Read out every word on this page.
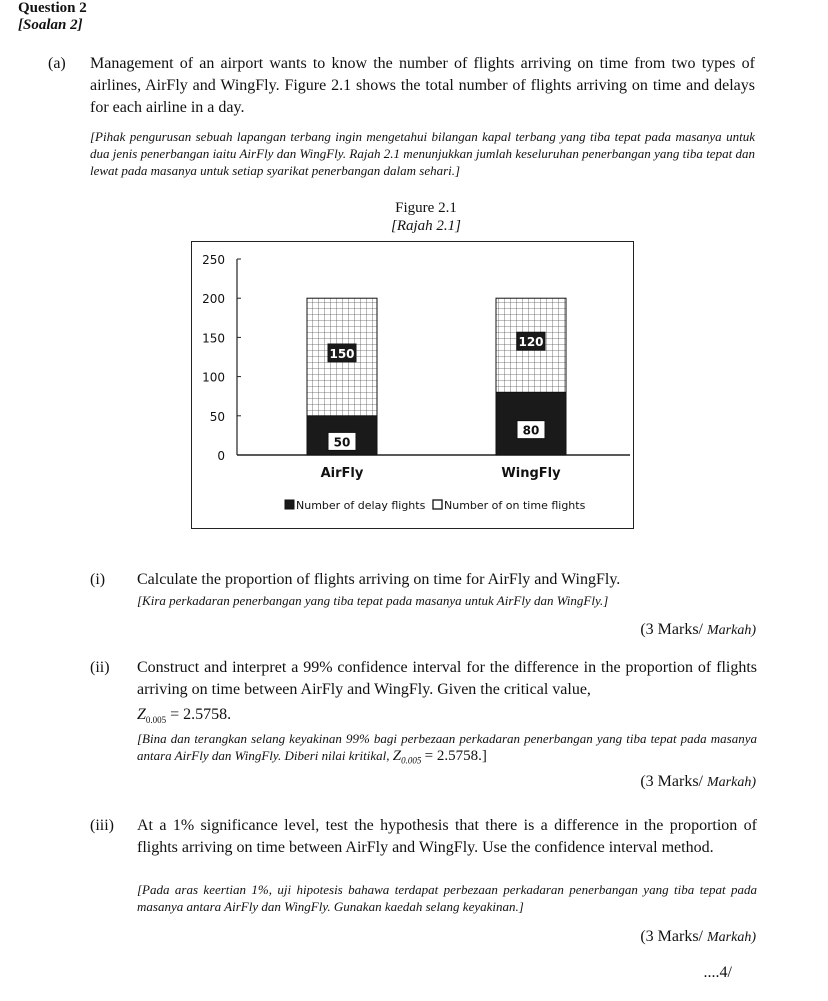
Question 2
[Soalan 2]
(a) Management of an airport wants to know the number of flights arriving on time from two types of airlines, AirFly and WingFly. Figure 2.1 shows the total number of flights arriving on time and delays for each airline in a day.
[Pihak pengurusan sebuah lapangan terbang ingin mengetahui bilangan kapal terbang yang tiba tepat pada masanya untuk dua jenis penerbangan iaitu AirFly dan WingFly. Rajah 2.1 menunjukkan jumlah keseluruhan penerbangan yang tiba tepat dan lewat pada masanya untuk setiap syarikat penerbangan dalam sehari.]
Figure 2.1
[Rajah 2.1]
0
50
100
150
200
250
50
150
AirFly
80
120
WingFly
Number of delay flights Number of on time flights
(i) Calculate the proportion of flights arriving on time for AirFly and WingFly.
[Kira perkadaran penerbangan yang tiba tepat pada masanya untuk AirFly dan WingFly.]
(3 Marks/ Markah)
(ii) Construct and interpret a 99% confidence interval for the difference in the proportion of flights arriving on time between AirFly and WingFly. Given the critical value,
$Z_{0.005} = 2.5758$.
[Bina dan terangkan selang keyakinan 99% bagi perbezaan perkadaran penerbangan yang tiba tepat pada masanya antara AirFly dan WingFly. Diberi nilai kritikal, $Z_{0.005} = 2.5758$.]
(3 Marks/ Markah)
(iii) At a 1% significance level, test the hypothesis that there is a difference in the proportion of flights arriving on time between AirFly and WingFly. Use the confidence interval method.
[Pada aras keertian 1%, uji hipotesis bahawa terdapat perbezaan perkadaran penerbangan yang tiba tepat pada masanya antara AirFly dan WingFly. Gunakan kaedah selang keyakinan.]
(3 Marks/ Markah)
....4/
